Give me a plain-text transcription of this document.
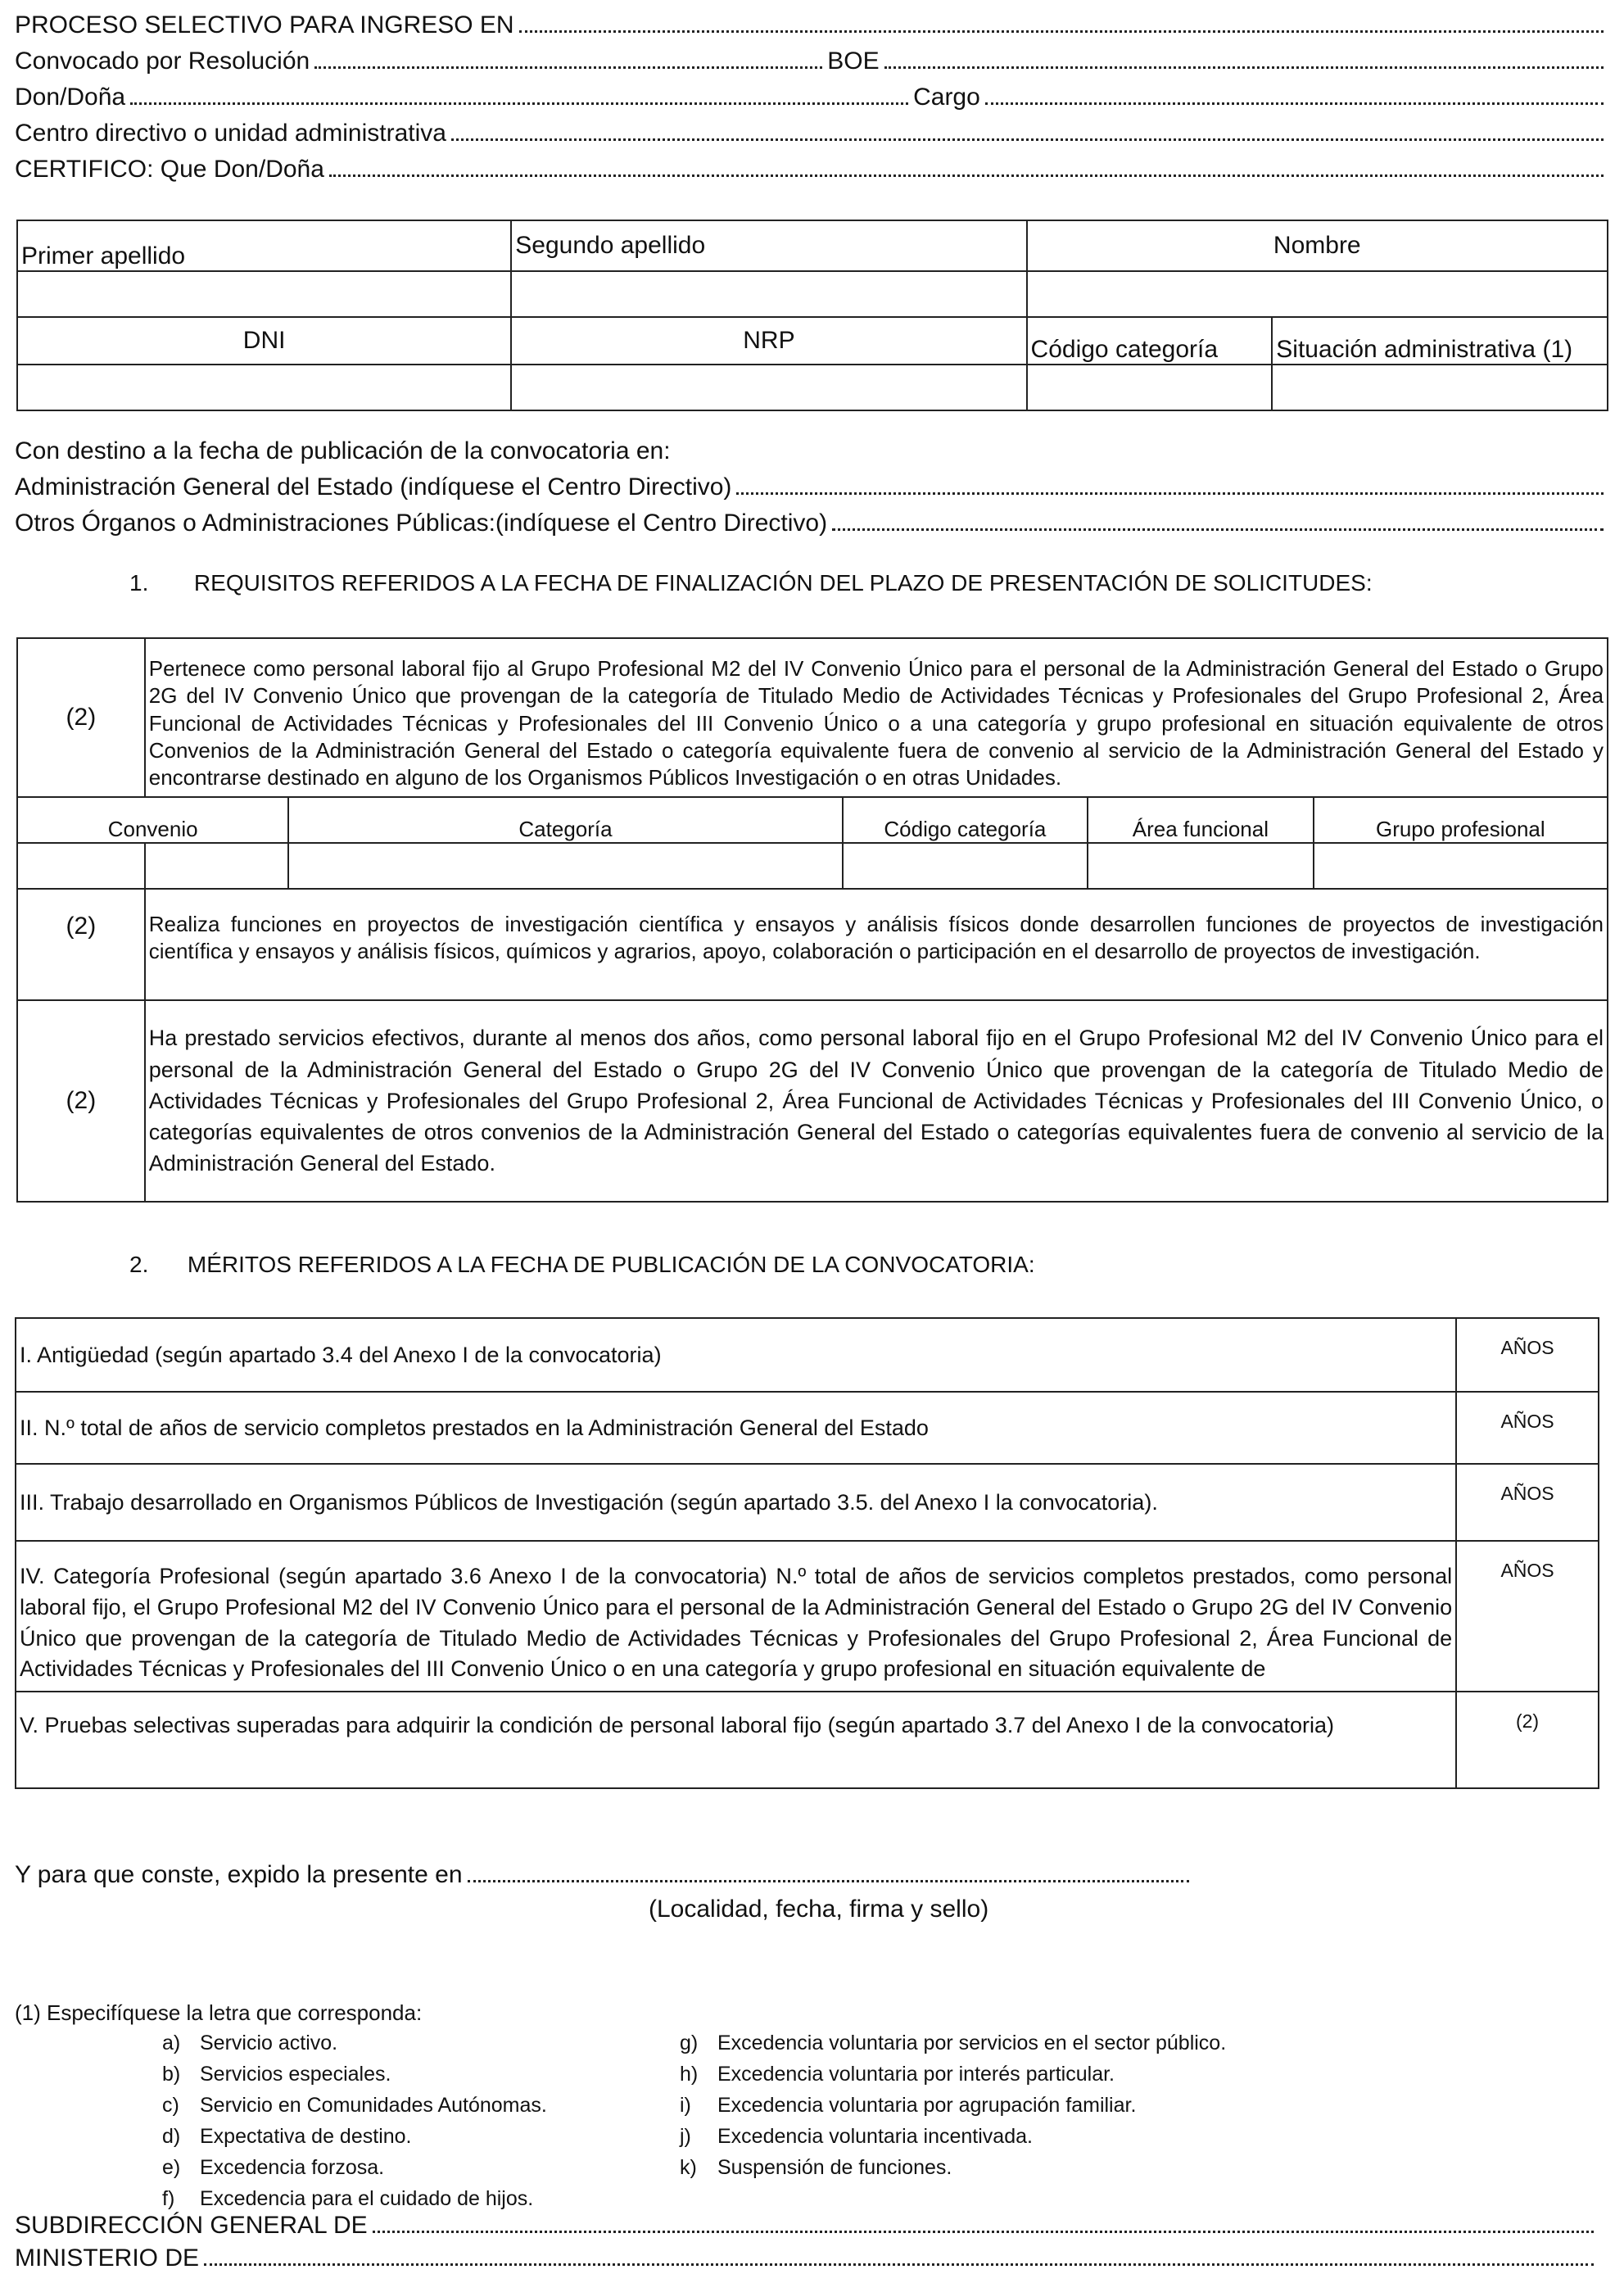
PROCESO SELECTIVO PARA INGRESO EN
Convocado por Resolución	BOE
Don/Doña	Cargo
Centro directivo o unidad administrativa
CERTIFICO: Que Don/Doña
Primer apellido	Segundo apellido	Nombre	

DNI	NRP	Código categoría	Situación administrativa (1)

Con destino a la fecha de publicación de la convocatoria en:
Administración General del Estado (indíquese el Centro Directivo)
Otros Órganos o Administraciones Públicas:(indíquese el Centro Directivo)
1. REQUISITOS REFERIDOS A LA FECHA DE FINALIZACIÓN DEL PLAZO DE PRESENTACIÓN DE SOLICITUDES:
(2)	Pertenece como personal laboral fijo al Grupo Profesional M2 del IV Convenio Único para el personal de la Administración General del Estado o Grupo 2G del IV Convenio Único que provengan de la categoría de Titulado Medio de Actividades Técnicas y Profesionales del Grupo Profesional 2, Área Funcional de Actividades Técnicas y Profesionales del III Convenio Único o a una categoría y grupo profesional en situación equivalente de otros Convenios de la Administración General del Estado o categoría equivalente fuera de convenio al servicio de la Administración General del Estado y encontrarse destinado en alguno de los Organismos Públicos Investigación o en otras Unidades.				
Convenio		Categoría	Código categoría	Área funcional	Grupo profesional

(2)	Realiza funciones en proyectos de investigación científica y ensayos y análisis físicos donde desarrollen funciones de proyectos de investigación científica y ensayos y análisis físicos, químicos y agrarios, apoyo, colaboración o participación en el desarrollo de proyectos de investigación.				
(2)	Ha prestado servicios efectivos, durante al menos dos años, como personal laboral fijo en el Grupo Profesional M2 del IV Convenio Único para el personal de la Administración General del Estado o Grupo 2G del IV Convenio Único que provengan de la categoría de Titulado Medio de Actividades Técnicas y Profesionales del Grupo Profesional 2, Área Funcional de Actividades Técnicas y Profesionales del III Convenio Único, o categorías equivalentes de otros convenios de la Administración General del Estado o categorías equivalentes fuera de convenio al servicio de la Administración General del Estado.				
2. MÉRITOS REFERIDOS A LA FECHA DE PUBLICACIÓN DE LA CONVOCATORIA:
I. Antigüedad (según apartado 3.4 del Anexo I de la convocatoria)	AÑOS
II. N.º total de años de servicio completos prestados en la Administración General del Estado	AÑOS
III. Trabajo desarrollado en Organismos Públicos de Investigación (según apartado 3.5. del Anexo I la convocatoria).	AÑOS
IV. Categoría Profesional (según apartado 3.6 Anexo I de la convocatoria) N.º total de años de servicios completos prestados, como personal laboral fijo, el Grupo Profesional M2 del IV Convenio Único para el personal de la Administración General del Estado o Grupo 2G del IV Convenio Único que provengan de la categoría de Titulado Medio de Actividades Técnicas y Profesionales del Grupo Profesional 2, Área Funcional de Actividades Técnicas y Profesionales del III Convenio Único o en una categoría y grupo profesional en situación equivalente de	AÑOS
V. Pruebas selectivas superadas para adquirir la condición de personal laboral fijo (según apartado 3.7 del Anexo I de la convocatoria)	(2)
Y para que conste, expido la presente en
(Localidad, fecha, firma y sello)
(1) Especifíquese la letra que corresponda:
a) Servicio activo.
b) Servicios especiales.
c) Servicio en Comunidades Autónomas.
d) Expectativa de destino.
e) Excedencia forzosa.
f) Excedencia para el cuidado de hijos.
g) Excedencia voluntaria por servicios en el sector público.
h) Excedencia voluntaria por interés particular.
i) Excedencia voluntaria por agrupación familiar.
j) Excedencia voluntaria incentivada.
k) Suspensión de funciones.
SUBDIRECCIÓN GENERAL DE
MINISTERIO DE
